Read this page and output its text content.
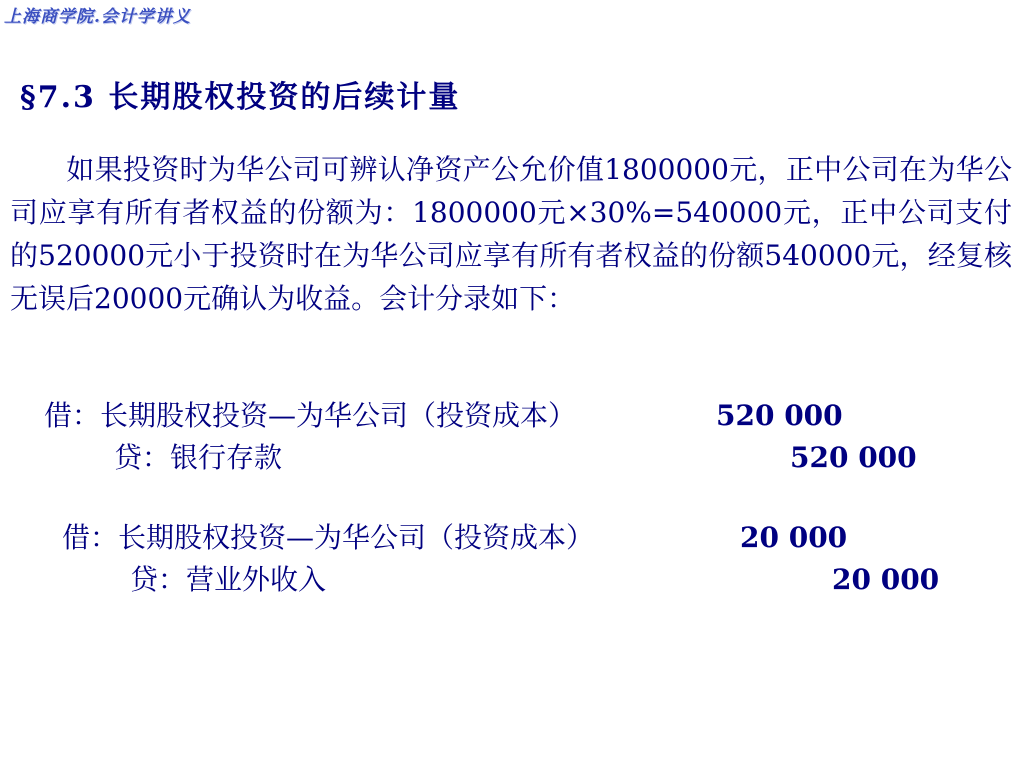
上海商学院.会计学讲义
§7.3 长期股权投资的后续计量
如果投资时为华公司可辨认净资产公允价值1800000元，正中公司在为华公司应享有所有者权益的份额为：1800000元×30%=540000元，正中公司支付的520000元小于投资时在为华公司应享有所有者权益的份额540000元，经复核无误后20000元确认为收益。会计分录如下：
借：长期股权投资—为华公司（投资成本）	520 000
贷：银行存款	520 000
借：长期股权投资—为华公司（投资成本）	20 000
贷：营业外收入	20 000
